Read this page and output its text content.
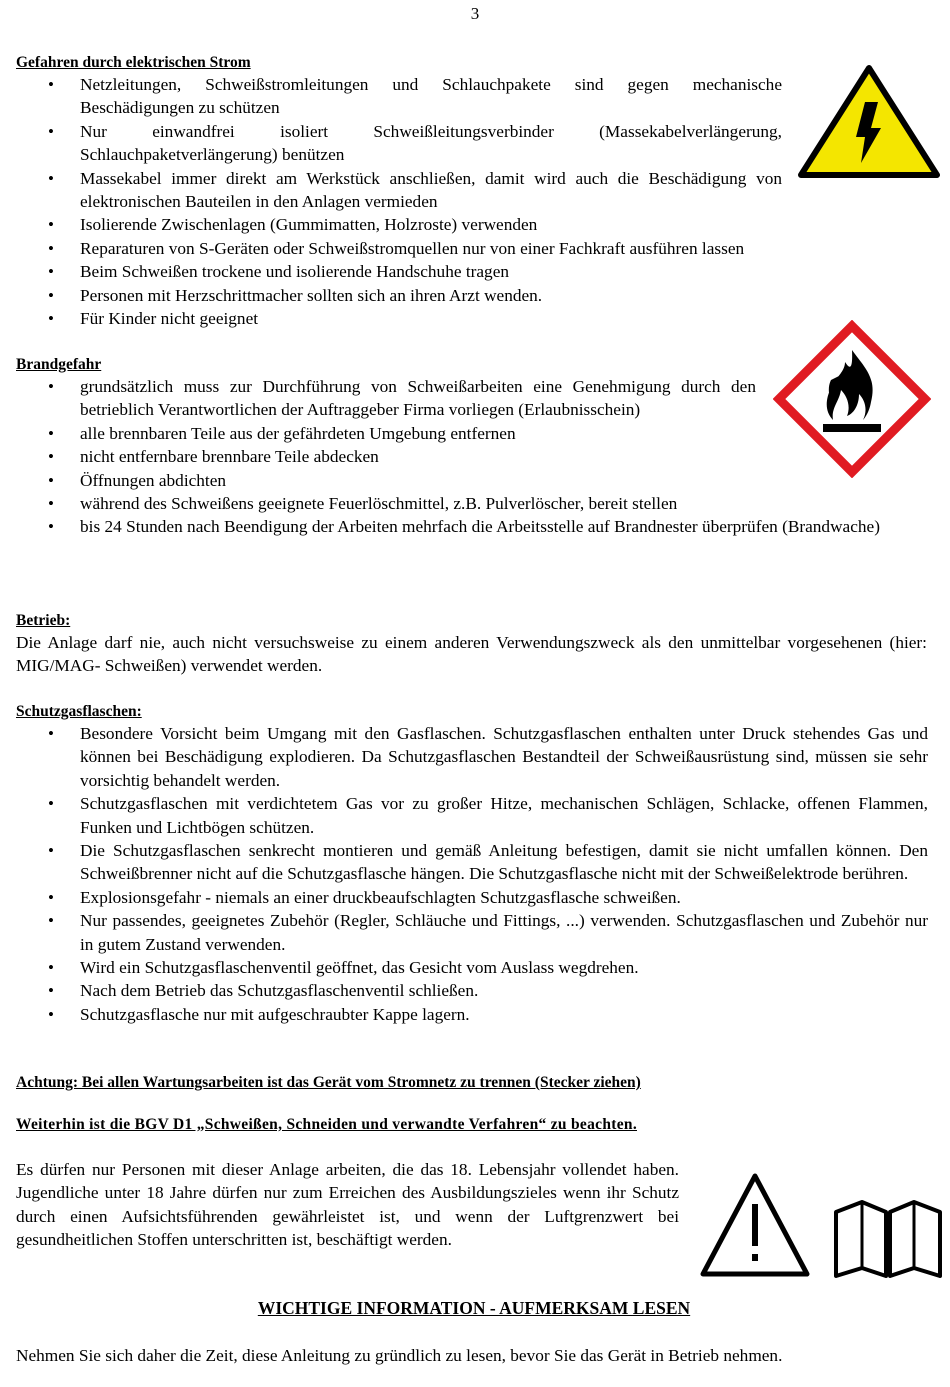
3
Gefahren durch elektrischen Strom
• Netzleitungen, Schweißstromleitungen und Schlauchpakete sind gegen mechanische Beschädigungen zu schützen
• Nur einwandfrei isoliert Schweißleitungsverbinder (Massekabelverlängerung, Schlauchpaketverlängerung) benützen
• Massekabel immer direkt am Werkstück anschließen, damit wird auch die Beschädigung von elektronischen Bauteilen in den Anlagen vermieden
• Isolierende Zwischenlagen (Gummimatten, Holzroste) verwenden
• Reparaturen von S-Geräten oder Schweißstromquellen nur von einer Fachkraft ausführen lassen
• Beim Schweißen trockene und isolierende Handschuhe tragen
• Personen mit Herzschrittmacher sollten sich an ihren Arzt wenden.
• Für Kinder nicht geeignet
Brandgefahr
• grundsätzlich muss zur Durchführung von Schweißarbeiten eine Genehmigung durch den betrieblich Verantwortlichen der Auftraggeber Firma vorliegen (Erlaubnisschein)
• alle brennbaren Teile aus der gefährdeten Umgebung entfernen
• nicht entfernbare brennbare Teile abdecken
• Öffnungen abdichten
• während des Schweißens geeignete Feuerlöschmittel, z.B. Pulverlöscher, bereit stellen
• bis 24 Stunden nach Beendigung der Arbeiten mehrfach die Arbeitsstelle auf Brandnester überprüfen (Brandwache)
Betrieb:
Die Anlage darf nie, auch nicht versuchsweise zu einem anderen Verwendungszweck als den unmittelbar vorgesehenen (hier: MIG/MAG- Schweißen) verwendet werden.
Schutzgasflaschen:
• Besondere Vorsicht beim Umgang mit den Gasflaschen. Schutzgasflaschen enthalten unter Druck stehendes Gas und können bei Beschädigung explodieren. Da Schutzgasflaschen Bestandteil der Schweißausrüstung sind, müssen sie sehr vorsichtig behandelt werden.
• Schutzgasflaschen mit verdichtetem Gas vor zu großer Hitze, mechanischen Schlägen, Schlacke, offenen Flammen, Funken und Lichtbögen schützen.
• Die Schutzgasflaschen senkrecht montieren und gemäß Anleitung befestigen, damit sie nicht umfallen können. Den Schweißbrenner nicht auf die Schutzgasflasche hängen. Die Schutzgasflasche nicht mit der Schweißelektrode berühren.
• Explosionsgefahr - niemals an einer druckbeaufschlagten Schutzgasflasche schweißen.
• Nur passendes, geeignetes Zubehör (Regler, Schläuche und Fittings, ...) verwenden. Schutzgasflaschen und Zubehör nur in gutem Zustand verwenden.
• Wird ein Schutzgasflaschenventil geöffnet, das Gesicht vom Auslass wegdrehen.
• Nach dem Betrieb das Schutzgasflaschenventil schließen.
• Schutzgasflasche nur mit aufgeschraubter Kappe lagern.
Achtung: Bei allen Wartungsarbeiten ist das Gerät vom Stromnetz zu trennen (Stecker ziehen)
Weiterhin ist die BGV D1 „Schweißen, Schneiden und verwandte Verfahren“ zu beachten.
Es dürfen nur Personen mit dieser Anlage arbeiten, die das 18. Lebensjahr vollendet haben. Jugendliche unter 18 Jahre dürfen nur zum Erreichen des Ausbildungszieles wenn ihr Schutz durch einen Aufsichtsführenden gewährleistet ist, und wenn der Luftgrenzwert bei gesundheitlichen Stoffen unterschritten ist, beschäftigt werden.
WICHTIGE INFORMATION - AUFMERKSAM LESEN
Nehmen Sie sich daher die Zeit, diese Anleitung zu gründlich zu lesen, bevor Sie das Gerät in Betrieb nehmen.
